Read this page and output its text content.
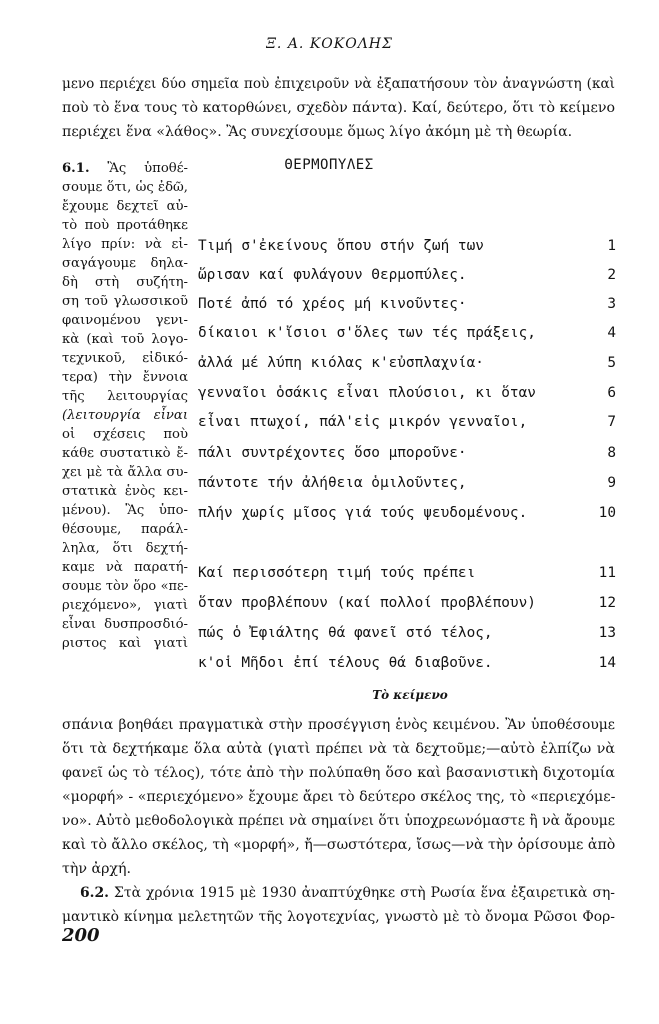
Ξ. Α. ΚΟΚΟΛΗΣ
μενο περιέχει δύο σημεῖα ποὺ ἐπιχειροῦν νὰ ἐξαπατήσουν τὸν ἀναγνώστη (καὶ
ποὺ τὸ ἕνα τους τὸ κατορθώνει, σχεδὸν πάντα). Καί, δεύτερο, ὅτι τὸ κείμενο
περιέχει ἕνα «λάθος». Ἂς συνεχίσουμε ὅμως λίγο ἀκόμη μὲ τὴ θεωρία.
6.1. Ἂς ὑποθέ-
σουμε ὅτι, ὡς ἐδῶ,
ἔχουμε δεχτεῖ αὐ-
τὸ ποὺ προτάθηκε
λίγο πρίν: νὰ εἰ-
σαγάγουμε δηλα-
δὴ στὴ συζήτη-
ση τοῦ γλωσσικοῦ
φαινομένου γενι-
κὰ (καὶ τοῦ λογο-
τεχνικοῦ, εἰδικό-
τερα) τὴν ἔννοια
τῆς λειτουργίας
(λειτουργία εἶναι
οἱ σχέσεις ποὺ
κάθε συστατικὸ ἔ-
χει μὲ τὰ ἄλλα συ-
στατικὰ ἑνὸς κει-
μένου). Ἂς ὑπο-
θέσουμε, παράλ-
ληλα, ὅτι δεχτή-
καμε νὰ παρατή-
σουμε τὸν ὅρο «πε-
ριεχόμενο», γιατὶ
εἶναι δυσπροσδιό-
ριστος καὶ γιατὶ
ΘΕΡΜΟΠΥΛΕΣ
Τιμή σ'ἐκείνους ὅπου στήν ζωή των	1
ὥρισαν καί φυλάγουν Θερμοπύλες.	2
Ποτέ ἀπό τό χρέος μή κινοῦντες·	3
δίκαιοι κ'ἴσιοι σ'ὅλες των τές πράξεις,	4
ἀλλά μέ λύπη κιόλας κ'εὐσπλαχνία·	5
γενναῖοι ὁσάκις εἶναι πλούσιοι, κι ὅταν	6
εἶναι πτωχοί, πάλ'εἰς μικρόν γενναῖοι,	7
πάλι συντρέχοντες ὅσο μποροῦνε·	8
πάντοτε τήν ἀλήθεια ὁμιλοῦντες,	9
πλήν χωρίς μῖσος γιά τούς ψευδομένους.	10
Καί περισσότερη τιμή τούς πρέπει	11
ὅταν προβλέπουν (καί πολλοί προβλέπουν)	12
πώς ὁ Ἐφιάλτης θά φανεῖ στό τέλος,	13
κ'οἱ Μῆδοι ἐπί τέλους θά διαβοῦνε.	14
Τὸ κείμενο
σπάνια βοηθάει πραγματικὰ στὴν προσέγγιση ἑνὸς κειμένου. Ἂν ὑποθέσουμε
ὅτι τὰ δεχτήκαμε ὅλα αὐτὰ (γιατὶ πρέπει νὰ τὰ δεχτοῦμε;—αὐτὸ ἐλπίζω νὰ
φανεῖ ὡς τὸ τέλος), τότε ἀπὸ τὴν πολύπαθη ὅσο καὶ βασανιστικὴ διχοτομία
«μορφή» - «περιεχόμενο» ἔχουμε ἄρει τὸ δεύτερο σκέλος της, τὸ «περιεχόμε-
νο». Αὐτὸ μεθοδολογικὰ πρέπει νὰ σημαίνει ὅτι ὑποχρεωνόμαστε ἢ νὰ ἄρουμε
καὶ τὸ ἄλλο σκέλος, τὴ «μορφή», ἤ—σωστότερα, ἴσως—νὰ τὴν ὁρίσουμε ἀπὸ
τὴν ἀρχή.
6.2. Στὰ χρόνια 1915 μὲ 1930 ἀναπτύχθηκε στὴ Ρωσία ἕνα ἐξαιρετικὰ ση-
μαντικὸ κίνημα μελετητῶν τῆς λογοτεχνίας, γνωστὸ μὲ τὸ ὄνομα Ρῶσοι Φορ-
200
